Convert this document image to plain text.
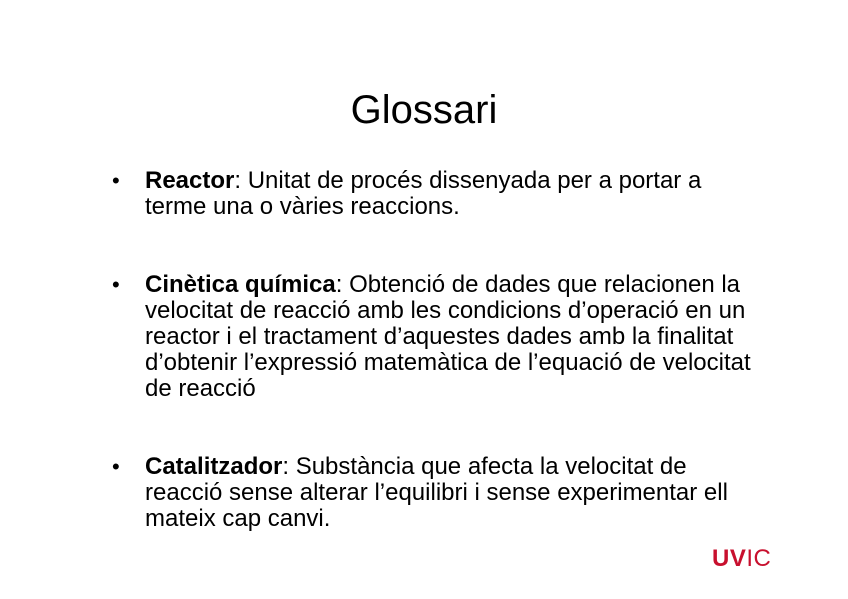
Glossari
• Reactor: Unitat de procés dissenyada per a portar a terme una o vàries reaccions.
• Cinètica química: Obtenció de dades que relacionen la velocitat de reacció amb les condicions d’operació en un reactor i el tractament d’aquestes dades amb la finalitat d’obtenir l’expressió matemàtica de l’equació de velocitat de reacció
• Catalitzador: Substància que afecta la velocitat de reacció sense alterar l’equilibri i sense experimentar ell mateix cap canvi.
UVIC
